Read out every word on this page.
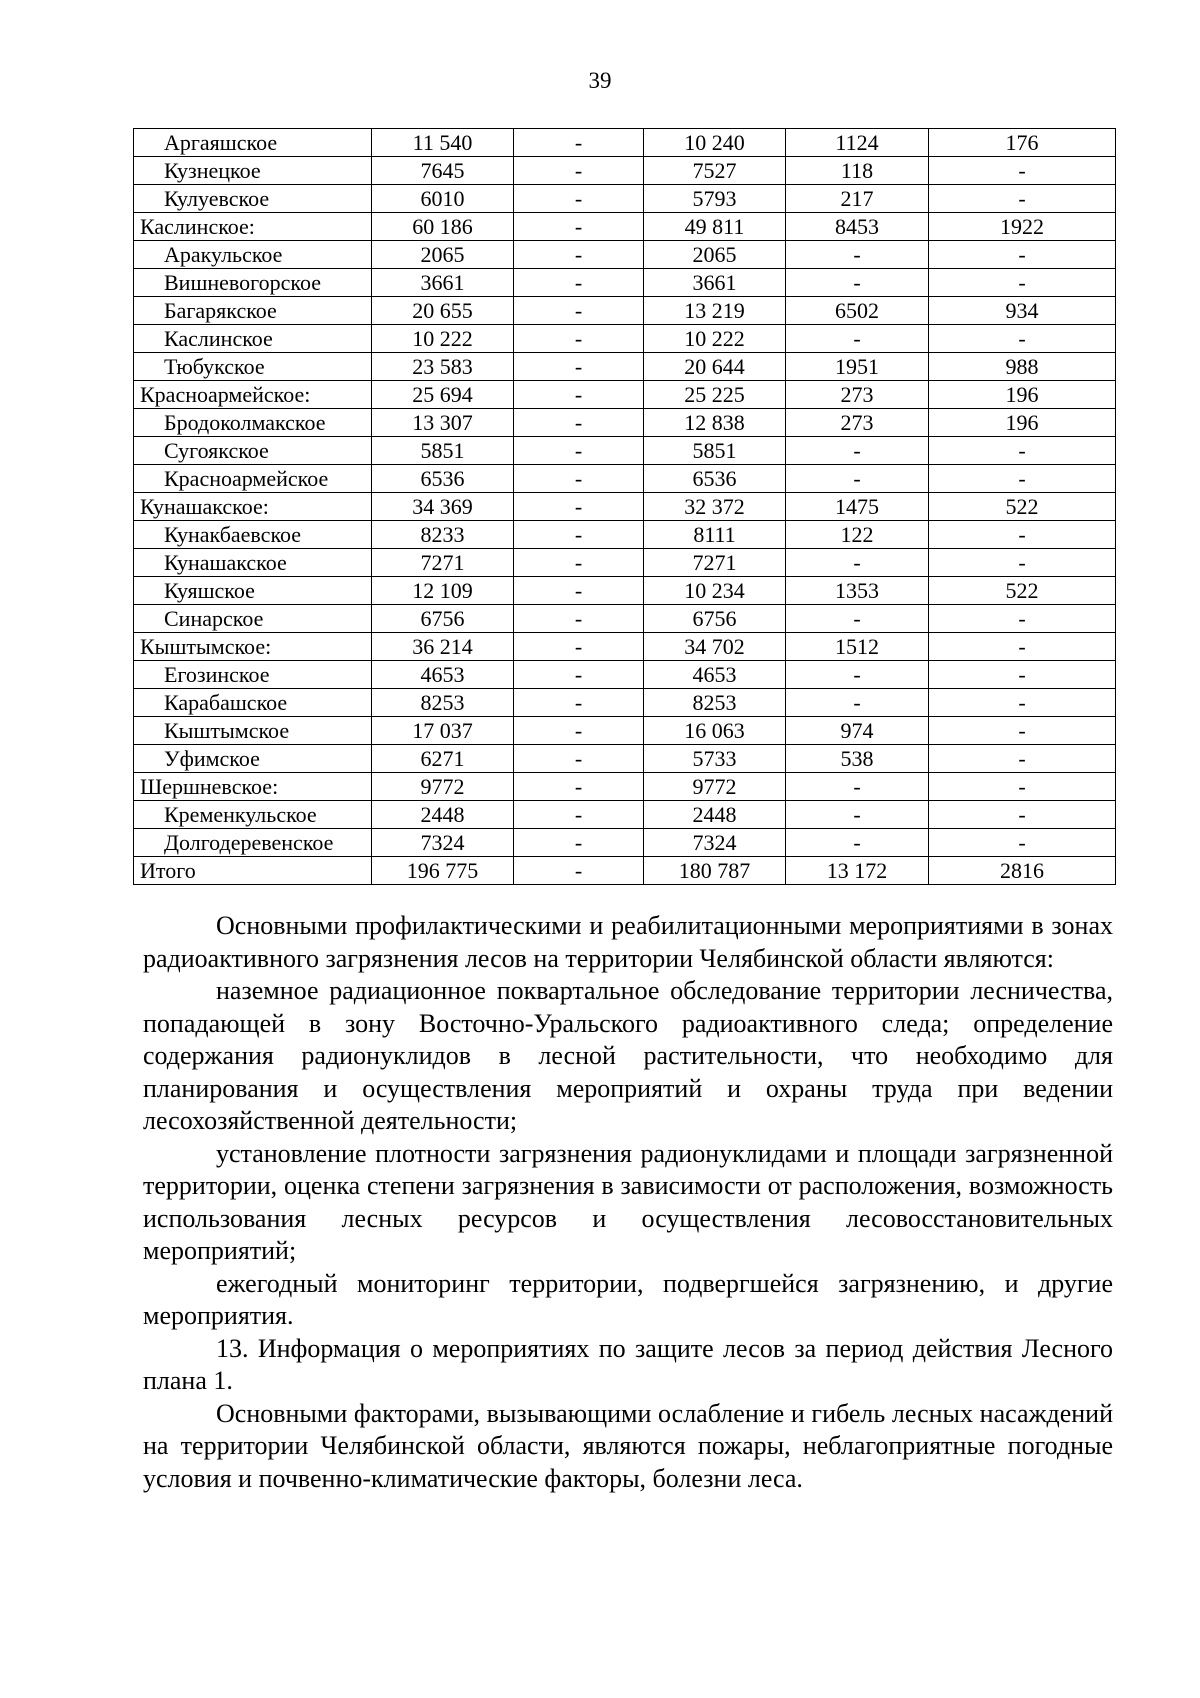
39
Аргаяшское	11 540	-	10 240	1124	176
Кузнецкое	7645	-	7527	118	-
Кулуевское	6010	-	5793	217	-
Каслинское:	60 186	-	49 811	8453	1922
Аракульское	2065	-	2065	-	-
Вишневогорское	3661	-	3661	-	-
Багарякское	20 655	-	13 219	6502	934
Каслинское	10 222	-	10 222	-	-
Тюбукское	23 583	-	20 644	1951	988
Красноармейское:	25 694	-	25 225	273	196
Бродоколмакское	13 307	-	12 838	273	196
Сугоякское	5851	-	5851	-	-
Красноармейское	6536	-	6536	-	-
Кунашакское:	34 369	-	32 372	1475	522
Кунакбаевское	8233	-	8111	122	-
Кунашакское	7271	-	7271	-	-
Куяшское	12 109	-	10 234	1353	522
Синарское	6756	-	6756	-	-
Кыштымское:	36 214	-	34 702	1512	-
Егозинское	4653	-	4653	-	-
Карабашское	8253	-	8253	-	-
Кыштымское	17 037	-	16 063	974	-
Уфимское	6271	-	5733	538	-
Шершневское:	9772	-	9772	-	-
Кременкульское	2448	-	2448	-	-
Долгодеревенское	7324	-	7324	-	-
Итого	196 775	-	180 787	13 172	2816

Основными профилактическими и реабилитационными мероприятиями в зонах радиоактивного загрязнения лесов на территории Челябинской области являются:

наземное радиационное поквартальное обследование территории лесничества, попадающей в зону Восточно-Уральского радиоактивного следа; определение содержания радионуклидов в лесной растительности, что необходимо для планирования и осуществления мероприятий и охраны труда при ведении лесохозяйственной деятельности;

установление плотности загрязнения радионуклидами и площади загрязненной территории, оценка степени загрязнения в зависимости от расположения, возможность использования лесных ресурсов и осуществления лесовосстановительных мероприятий;

ежегодный мониторинг территории, подвергшейся загрязнению, и другие мероприятия.

13. Информация о мероприятиях по защите лесов за период действия Лесного плана 1.

Основными факторами, вызывающими ослабление и гибель лесных насаждений на территории Челябинской области, являются пожары, неблагоприятные погодные условия и почвенно-климатические факторы, болезни леса.
